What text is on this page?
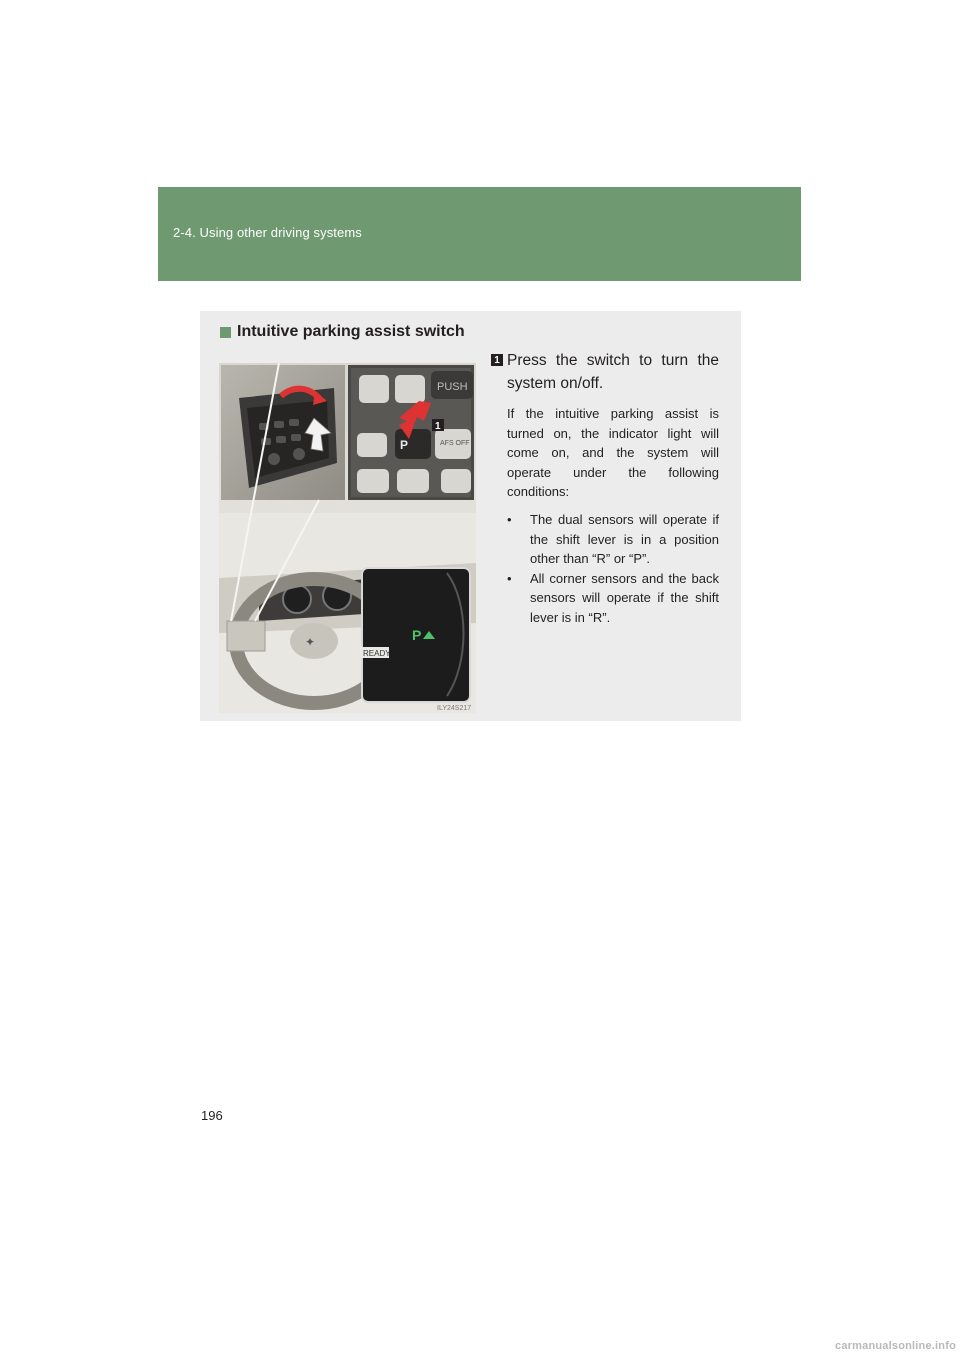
2-4. Using other driving systems
Intuitive parking assist switch
PUSH
P	AFS OFF
1
✦	P
READY
ILY24S217
1 Press the switch to turn the system on/off.
If the intuitive parking assist is turned on, the indicator light will come on, and the system will operate under the following conditions:
•	The dual sensors will operate if the shift lever is in a position other than “R” or “P”.
•	All corner sensors and the back sensors will operate if the shift lever is in “R”.
196
carmanualsonline.info
